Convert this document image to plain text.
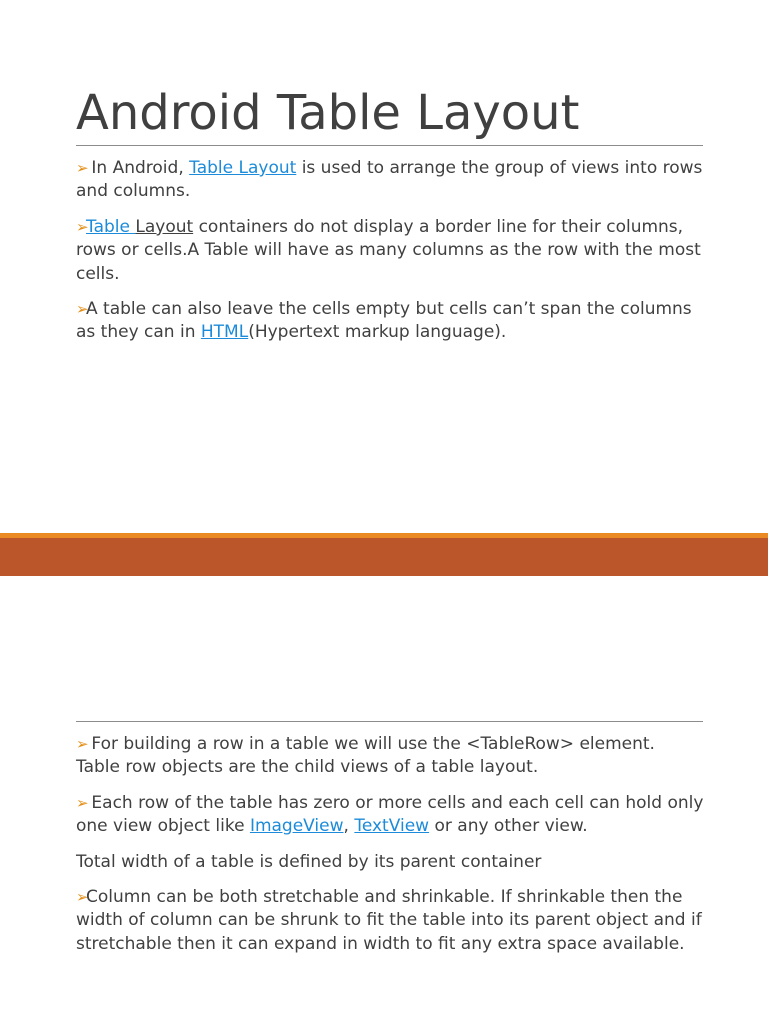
Android Table Layout

➢ In Android, Table Layout is used to arrange the group of views into rows and columns.

➢Table Layout containers do not display a border line for their columns, rows or cells.A Table will have as many columns as the row with the most cells.

➢A table can also leave the cells empty but cells can’t span the columns as they can in HTML(Hypertext markup language).

➢ For building a row in a table we will use the <TableRow> element. Table row objects are the child views of a table layout.

➢ Each row of the table has zero or more cells and each cell can hold only one view object like ImageView, TextView or any other view.

Total width of a table is defined by its parent container

➢Column can be both stretchable and shrinkable. If shrinkable then the width of column can be shrunk to fit the table into its parent object and if stretchable then it can expand in width to fit any extra space available.
